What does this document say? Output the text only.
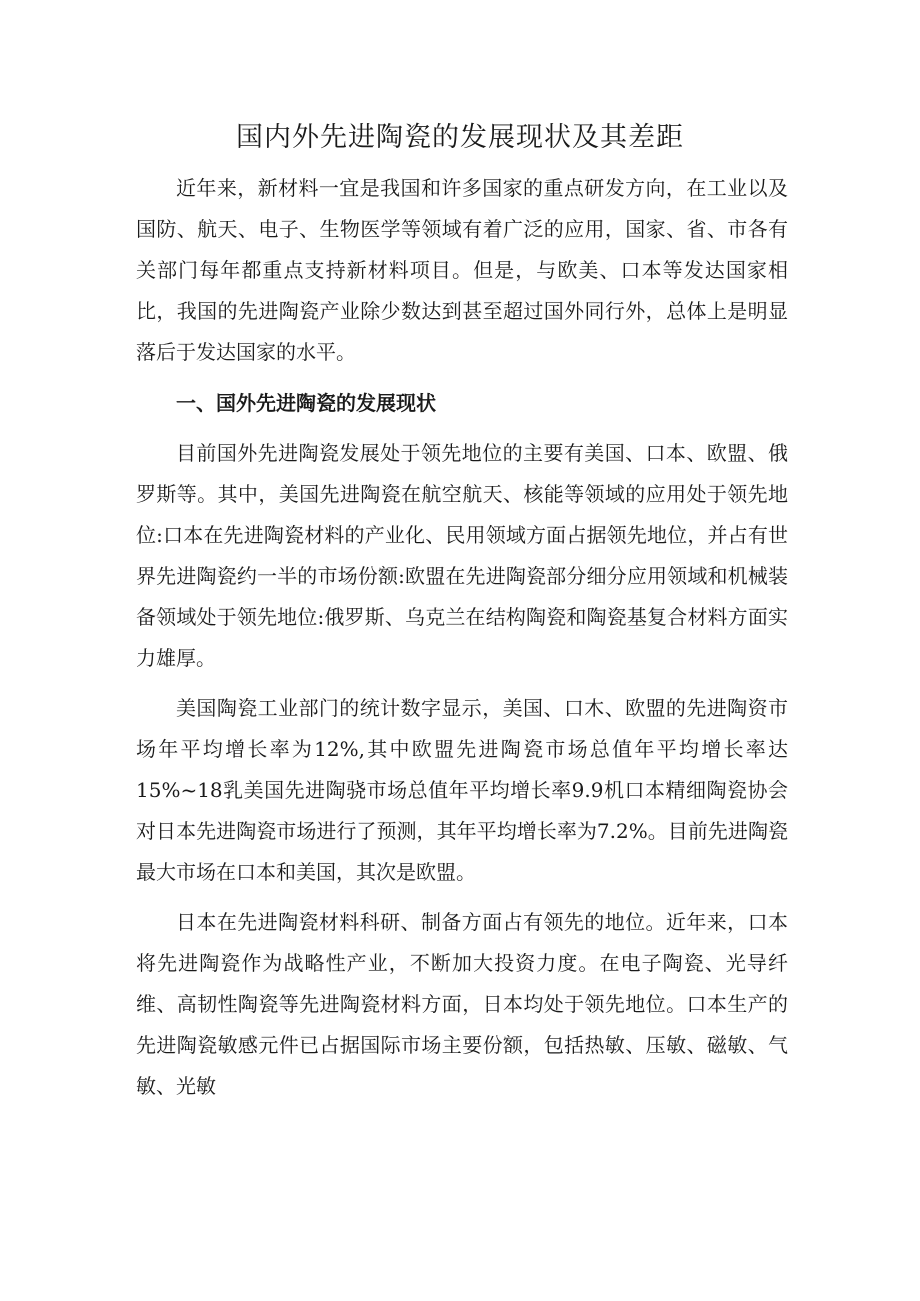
国内外先进陶瓷的发展现状及其差距

近年来，新材料一宜是我国和许多国家的重点研发方向，在工业以及国防、航天、电子、生物医学等领域有着广泛的应用，国家、省、市各有关部门每年都重点支持新材料项目。但是，与欧美、口本等发达国家相比，我国的先进陶瓷产业除少数达到甚至超过国外同行外，总体上是明显落后于发达国家的水平。

一、国外先进陶瓷的发展现状

目前国外先进陶瓷发展处于领先地位的主要有美国、口本、欧盟、俄罗斯等。其中，美国先进陶瓷在航空航天、核能等领域的应用处于领先地位:口本在先进陶瓷材料的产业化、民用领域方面占据领先地位，并占有世界先进陶瓷约一半的市场份额:欧盟在先进陶瓷部分细分应用领域和机械装备领域处于领先地位:俄罗斯、乌克兰在结构陶瓷和陶瓷基复合材料方面实力雄厚。

美国陶瓷工业部门的统计数字显示，美国、口木、欧盟的先进陶资市场年平均增长率为12%,其中欧盟先进陶瓷市场总值年平均增长率达15%~18乳美国先进陶骁市场总值年平均增长率9.9机口本精细陶瓷协会对日本先进陶瓷市场进行了预测，其年平均增长率为7.2%。目前先进陶瓷最大市场在口本和美国，其次是欧盟。

日本在先进陶瓷材料科研、制备方面占有领先的地位。近年来，口本将先进陶瓷作为战略性产业，不断加大投资力度。在电子陶瓷、光导纤维、高韧性陶瓷等先进陶瓷材料方面，日本均处于领先地位。口本生产的先进陶瓷敏感元件已占据国际市场主要份额，包括热敏、压敏、磁敏、气敏、光敏
